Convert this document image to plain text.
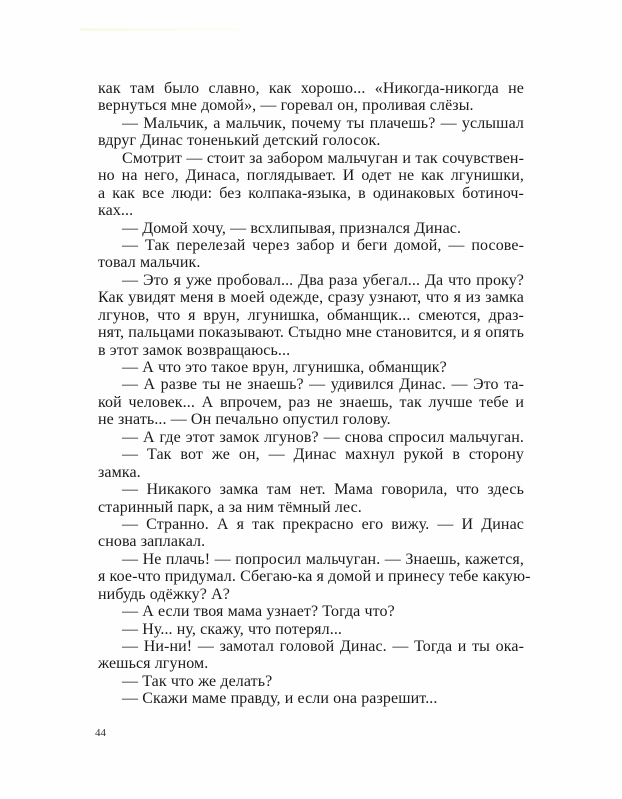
как там было славно, как хорошо... «Никогда-никогда не
вернуться мне домой», — горевал он, проливая слёзы.
— Мальчик, а мальчик, почему ты плачешь? — услышал
вдруг Динас тоненький детский голосок.
Смотрит — стоит за забором мальчуган и так сочувствен-
но на него, Динаса, поглядывает. И одет не как лгунишки,
а как все люди: без колпака-языка, в одинаковых ботиноч-
ках...
— Домой хочу, — всхлипывая, признался Динас.
— Так перелезай через забор и беги домой, — посове-
товал мальчик.
— Это я уже пробовал... Два раза убегал... Да что проку?
Как увидят меня в моей одежде, сразу узнают, что я из замка
лгунов, что я врун, лгунишка, обманщик... смеются, драз-
нят, пальцами показывают. Стыдно мне становится, и я опять
в этот замок возвращаюсь...
— А что это такое врун, лгунишка, обманщик?
— А разве ты не знаешь? — удивился Динас. — Это та-
кой человек... А впрочем, раз не знаешь, так лучше тебе и
не знать... — Он печально опустил голову.
— А где этот замок лгунов? — снова спросил мальчуган.
— Так вот же он, — Динас махнул рукой в сторону
замка.
— Никакого замка там нет. Мама говорила, что здесь
старинный парк, а за ним тёмный лес.
— Странно. А я так прекрасно его вижу. — И Динас
снова заплакал.
— Не плачь! — попросил мальчуган. — Знаешь, кажется,
я кое-что придумал. Сбегаю-ка я домой и принесу тебе какую-
нибудь одёжку? А?
— А если твоя мама узнает? Тогда что?
— Ну... ну, скажу, что потерял...
— Ни-ни! — замотал головой Динас. — Тогда и ты ока-
жешься лгуном.
— Так что же делать?
— Скажи маме правду, и если она разрешит...
44
